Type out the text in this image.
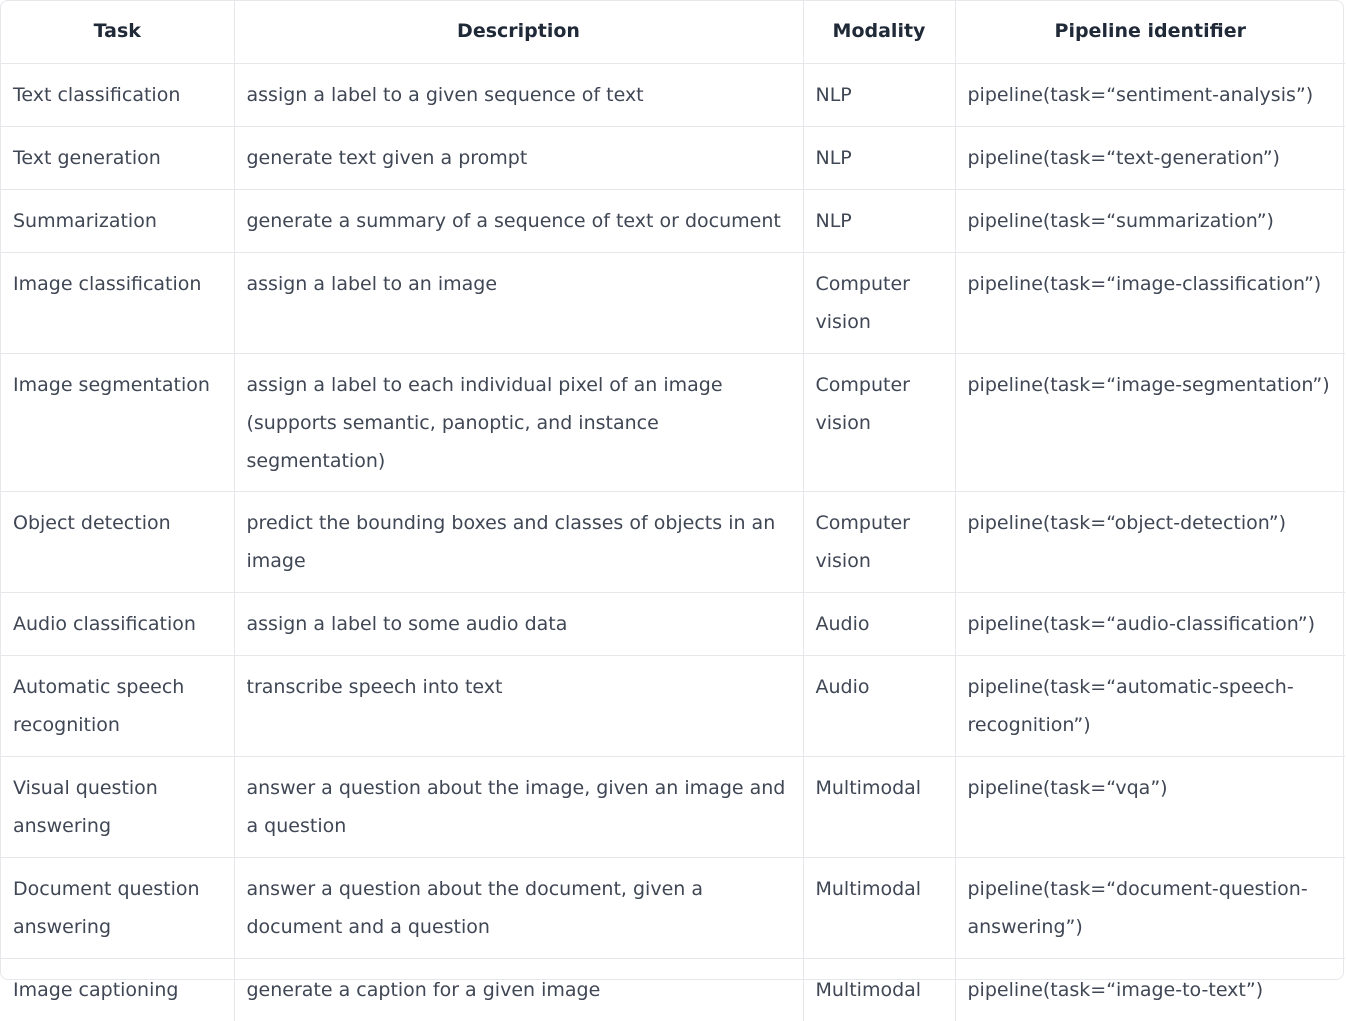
Task	Description	Modality	Pipeline identifier
Text classification	assign a label to a given sequence of text	NLP	pipeline(task=“sentiment-analysis”)
Text generation	generate text given a prompt	NLP	pipeline(task=“text-generation”)
Summarization	generate a summary of a sequence of text or document	NLP	pipeline(task=“summarization”)
Image classification	assign a label to an image	Computer vision	pipeline(task=“image-classification”)
Image segmentation	assign a label to each individual pixel of an image (supports semantic, panoptic, and instance segmentation)	Computer vision	pipeline(task=“image-segmentation”)
Object detection	predict the bounding boxes and classes of objects in an image	Computer vision	pipeline(task=“object-detection”)
Audio classification	assign a label to some audio data	Audio	pipeline(task=“audio-classification”)
Automatic speech recognition	transcribe speech into text	Audio	pipeline(task=“automatic-speech-recognition”)
Visual question answering	answer a question about the image, given an image and a question	Multimodal	pipeline(task=“vqa”)
Document question answering	answer a question about the document, given a document and a question	Multimodal	pipeline(task=“document-question-answering”)
Image captioning	generate a caption for a given image	Multimodal	pipeline(task=“image-to-text”)
